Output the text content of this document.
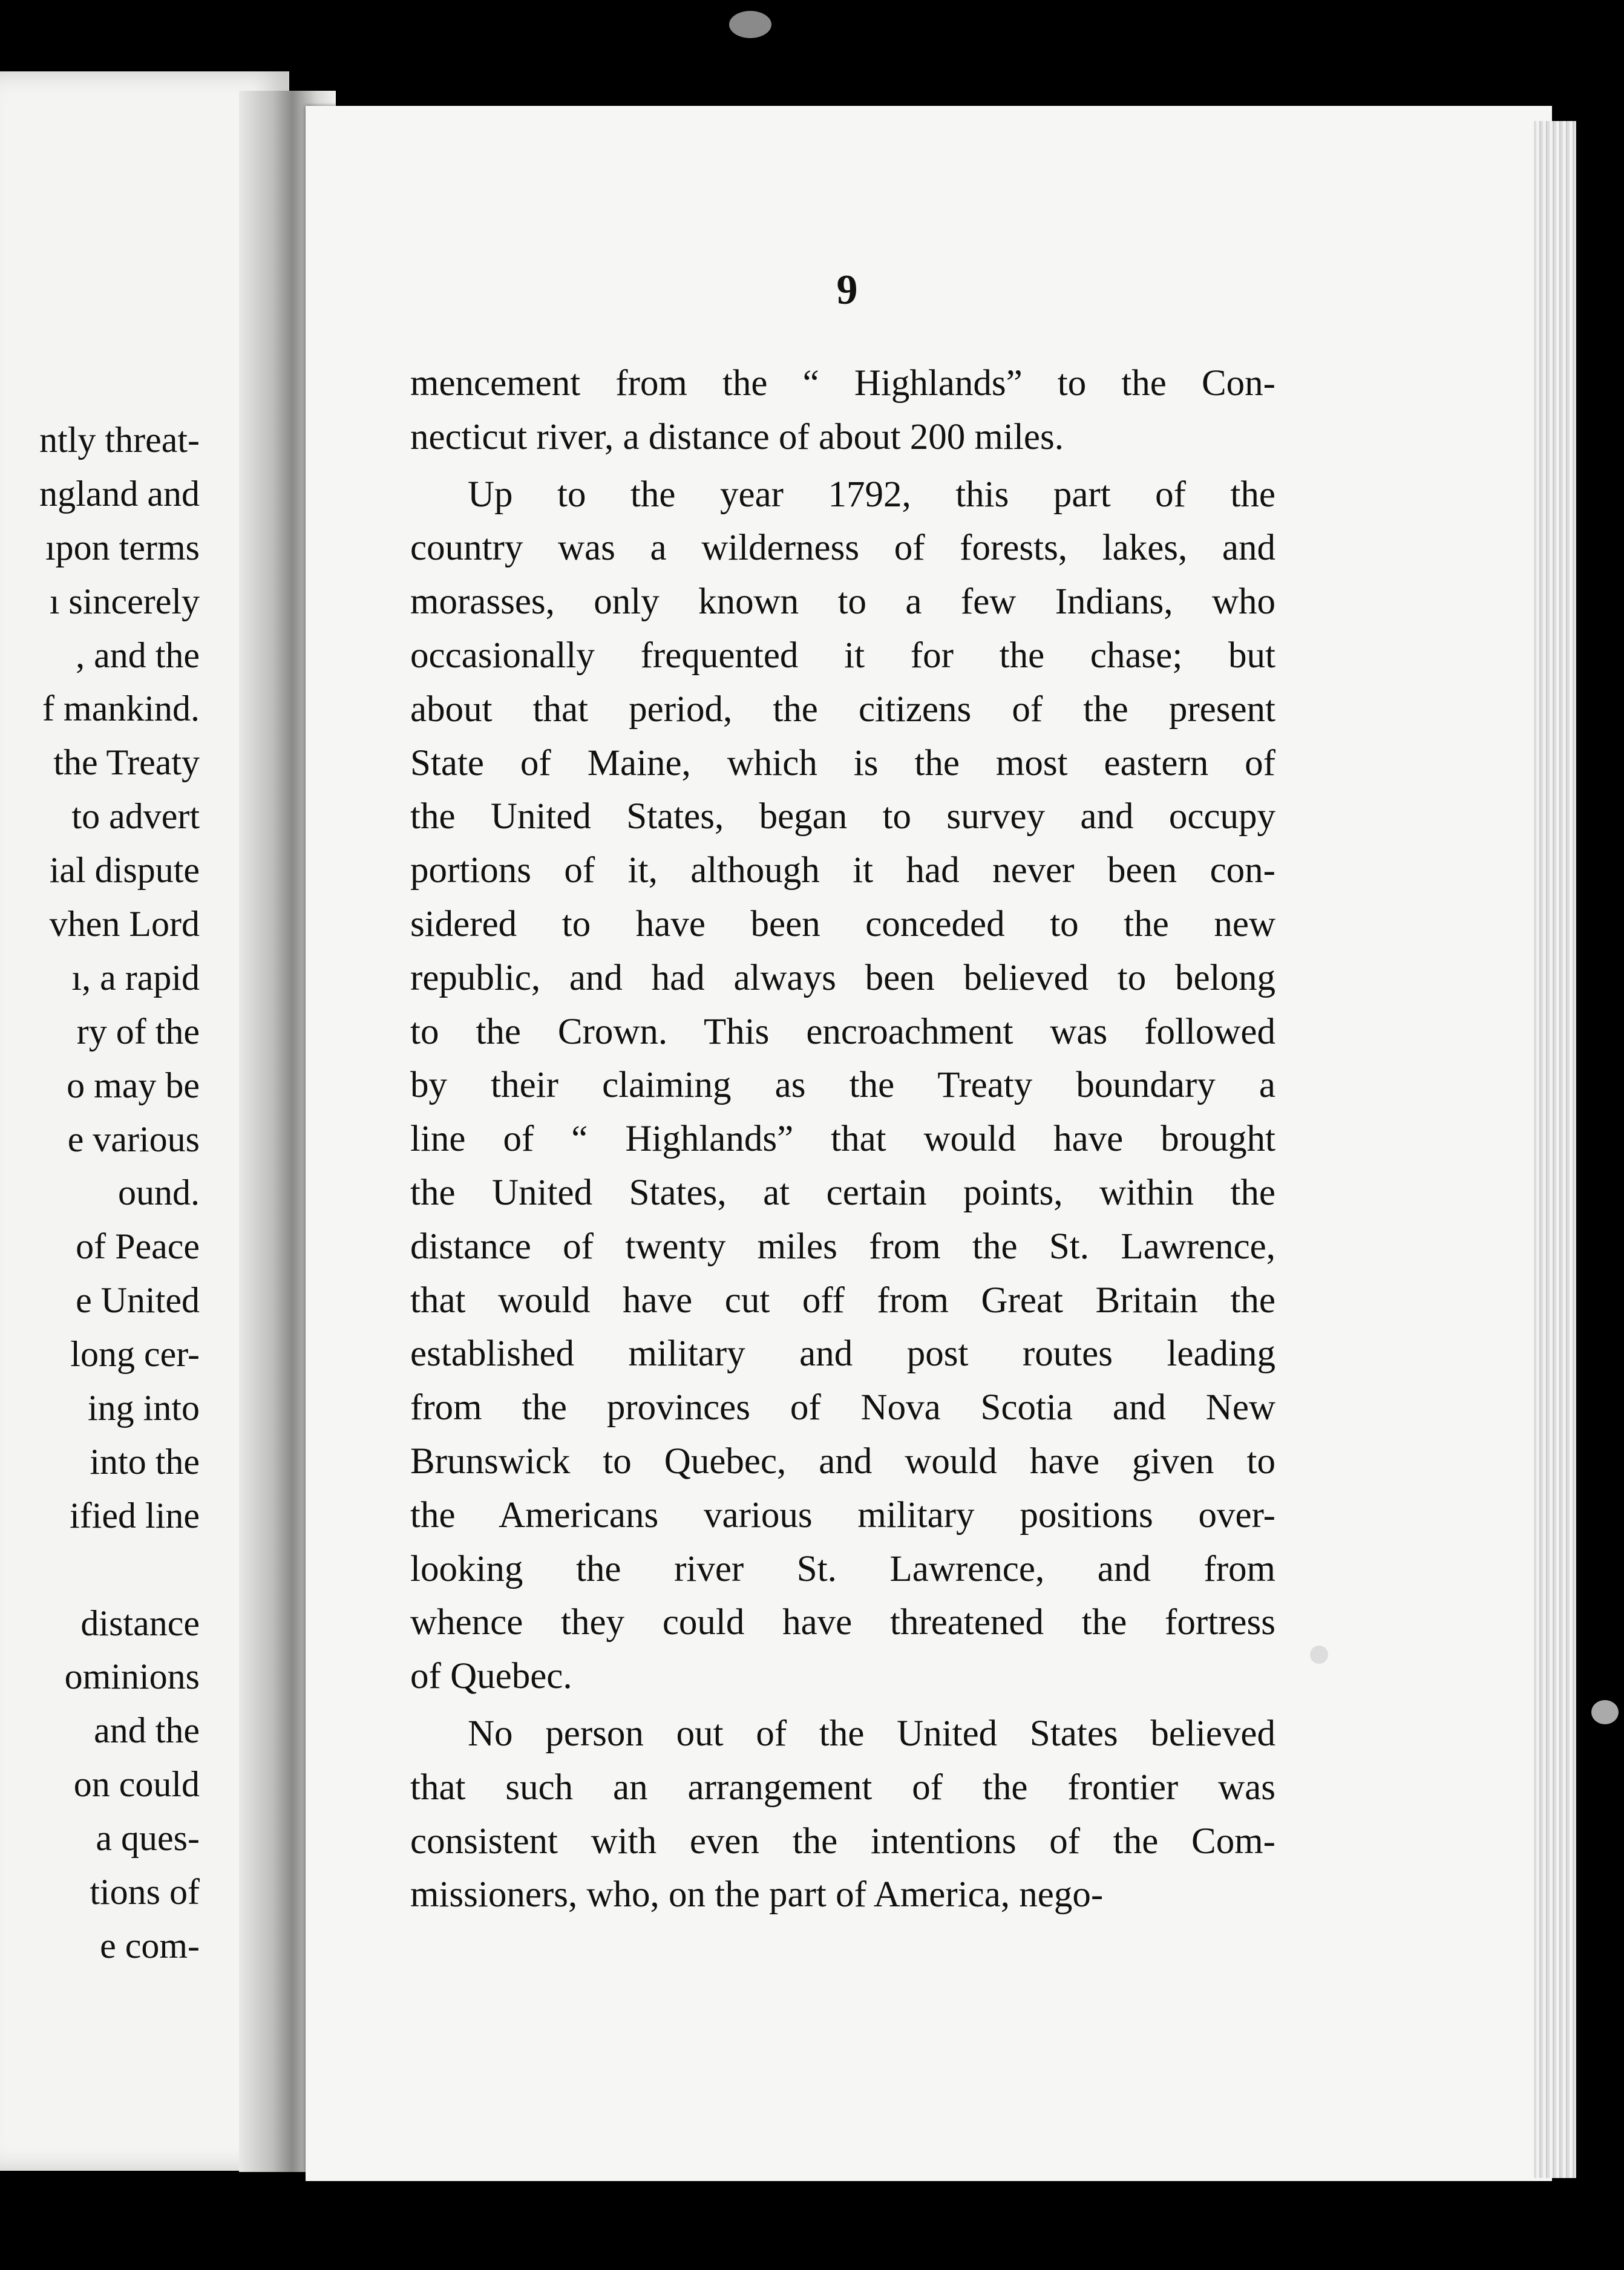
ntly threat-
ngland and
ıpon terms
ı sincerely
, and the
f mankind.
the Treaty
to advert
ial dispute
vhen Lord
ı, a rapid
ry of the
o may be
e various
ound.
of Peace
e United
long cer-
ing into
into the
ified line
distance
ominions
and the
on could
a ques-
tions of
e com-
9
mencement from the “ Highlands” to the Con-
necticut river, a distance of about 200 miles.
Up to the year 1792, this part of the
country was a wilderness of forests, lakes, and
morasses, only known to a few Indians, who
occasionally frequented it for the chase; but
about that period, the citizens of the present
State of Maine, which is the most eastern of
the United States, began to survey and occupy
portions of it, although it had never been con-
sidered to have been conceded to the new
republic, and had always been believed to belong
to the Crown. This encroachment was followed
by their claiming as the Treaty boundary a
line of “ Highlands” that would have brought
the United States, at certain points, within the
distance of twenty miles from the St. Lawrence,
that would have cut off from Great Britain the
established military and post routes leading
from the provinces of Nova Scotia and New
Brunswick to Quebec, and would have given to
the Americans various military positions over-
looking the river St. Lawrence, and from
whence they could have threatened the fortress
of Quebec.
No person out of the United States believed
that such an arrangement of the frontier was
consistent with even the intentions of the Com-
missioners, who, on the part of America, nego-
